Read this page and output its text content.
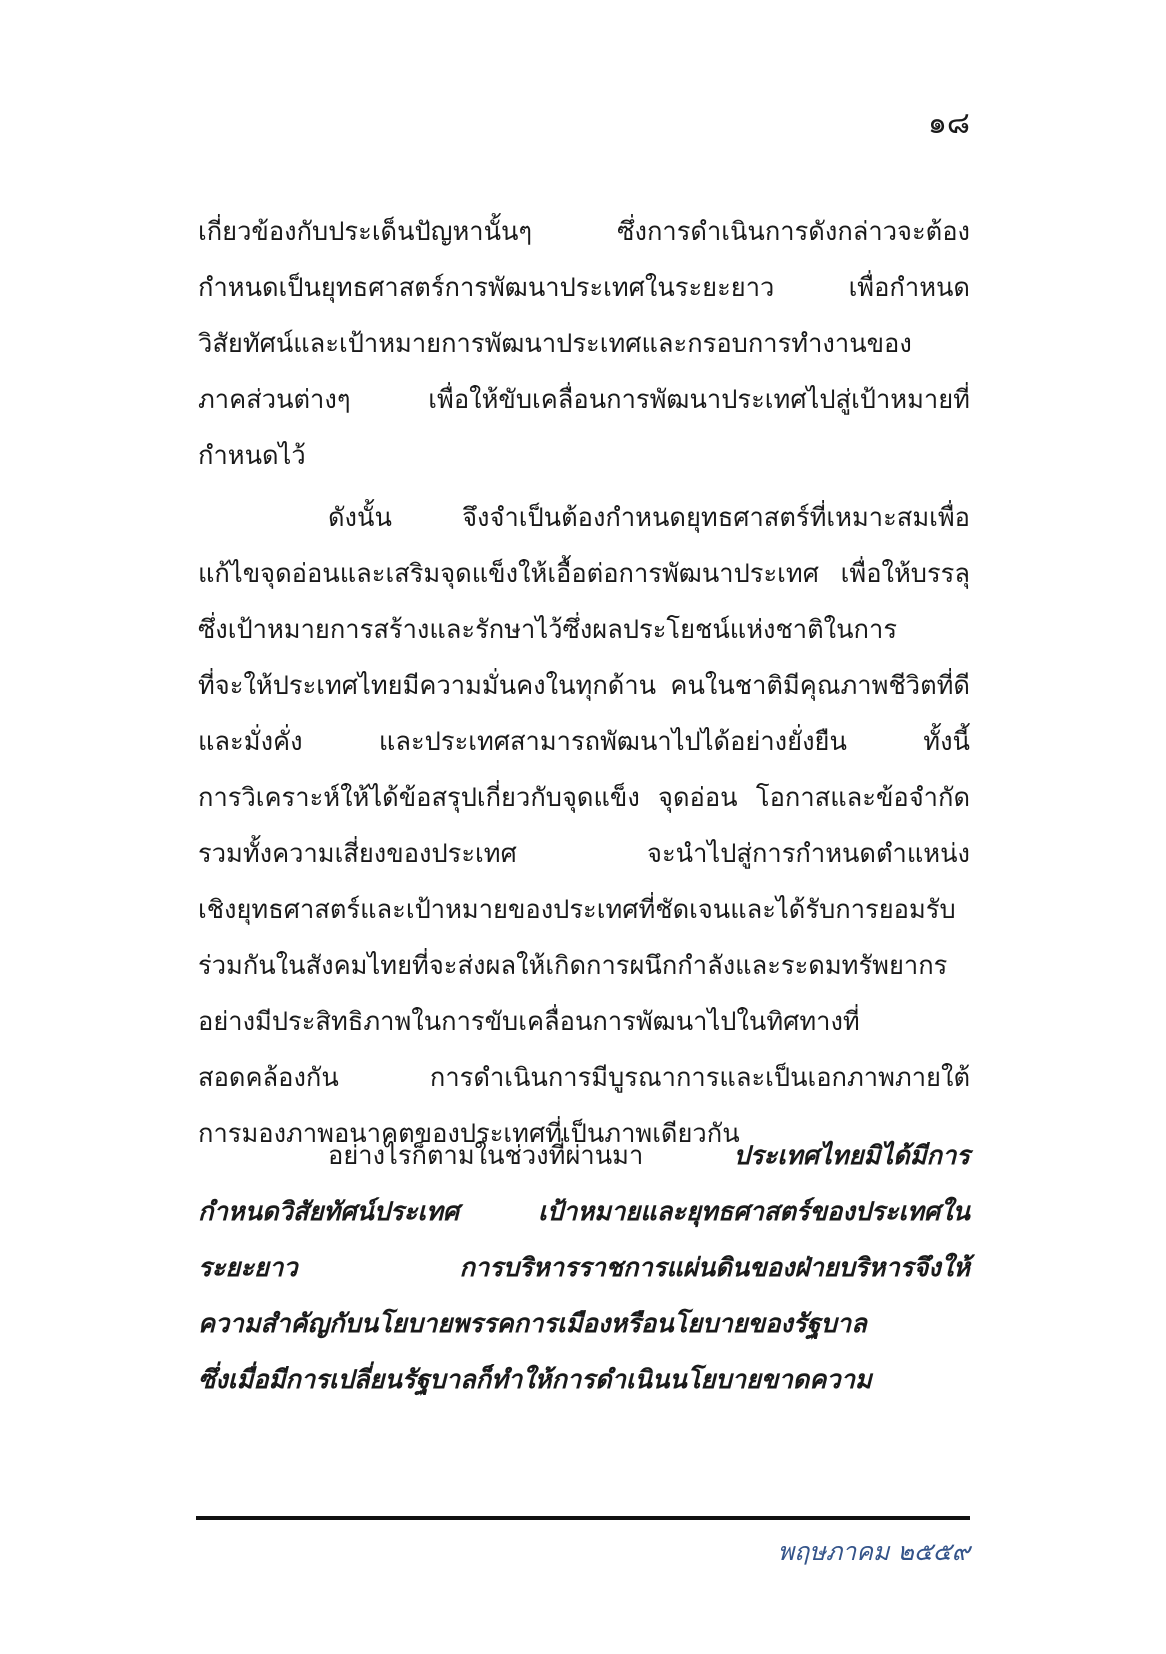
๑๘
เกี่ยวข้องกับประเด็นปัญหานั้นๆ ซึ่งการดำเนินการดังกล่าวจะต้อง
กำหนดเป็นยุทธศาสตร์การพัฒนาประเทศในระยะยาว เพื่อกำหนด
วิสัยทัศน์และเป้าหมายการพัฒนาประเทศและกรอบการทำงานของ
ภาคส่วนต่างๆ เพื่อให้ขับเคลื่อนการพัฒนาประเทศไปสู่เป้าหมายที่
กำหนดไว้
ดังนั้น จึงจำเป็นต้องกำหนดยุทธศาสตร์ที่เหมาะสมเพื่อ
แก้ไขจุดอ่อนและเสริมจุดแข็งให้เอื้อต่อการพัฒนาประเทศ เพื่อให้บรรลุ
ซึ่งเป้าหมายการสร้างและรักษาไว้ซึ่งผลประโยชน์แห่งชาติในการ
ที่จะให้ประเทศไทยมีความมั่นคงในทุกด้าน คนในชาติมีคุณภาพชีวิตที่ดี
และมั่งคั่ง และประเทศสามารถพัฒนาไปได้อย่างยั่งยืน ทั้งนี้
การวิเคราะห์ให้ได้ข้อสรุปเกี่ยวกับจุดแข็ง จุดอ่อน โอกาสและข้อจำกัด
รวมทั้งความเสี่ยงของประเทศ จะนำไปสู่การกำหนดตำแหน่ง
เชิงยุทธศาสตร์และเป้าหมายของประเทศที่ชัดเจนและได้รับการยอมรับ
ร่วมกันในสังคมไทยที่จะส่งผลให้เกิดการผนึกกำลังและระดมทรัพยากร
อย่างมีประสิทธิภาพในการขับเคลื่อนการพัฒนาไปในทิศทางที่
สอดคล้องกัน การดำเนินการมีบูรณาการและเป็นเอกภาพภายใต้
การมองภาพอนาคตของประเทศที่เป็นภาพเดียวกัน
อย่างไรก็ตามในช่วงที่ผ่านมา	ประเทศไทยมิได้มีการ
กำหนดวิสัยทัศน์ประเทศ เป้าหมายและยุทธศาสตร์ของประเทศใน
ระยะยาว การบริหารราชการแผ่นดินของฝ่ายบริหารจึงให้
ความสำคัญกับนโยบายพรรคการเมืองหรือนโยบายของรัฐบาล
ซึ่งเมื่อมีการเปลี่ยนรัฐบาลก็ทำให้การดำเนินนโยบายขาดความ
พฤษภาคม ๒๕๕๙
